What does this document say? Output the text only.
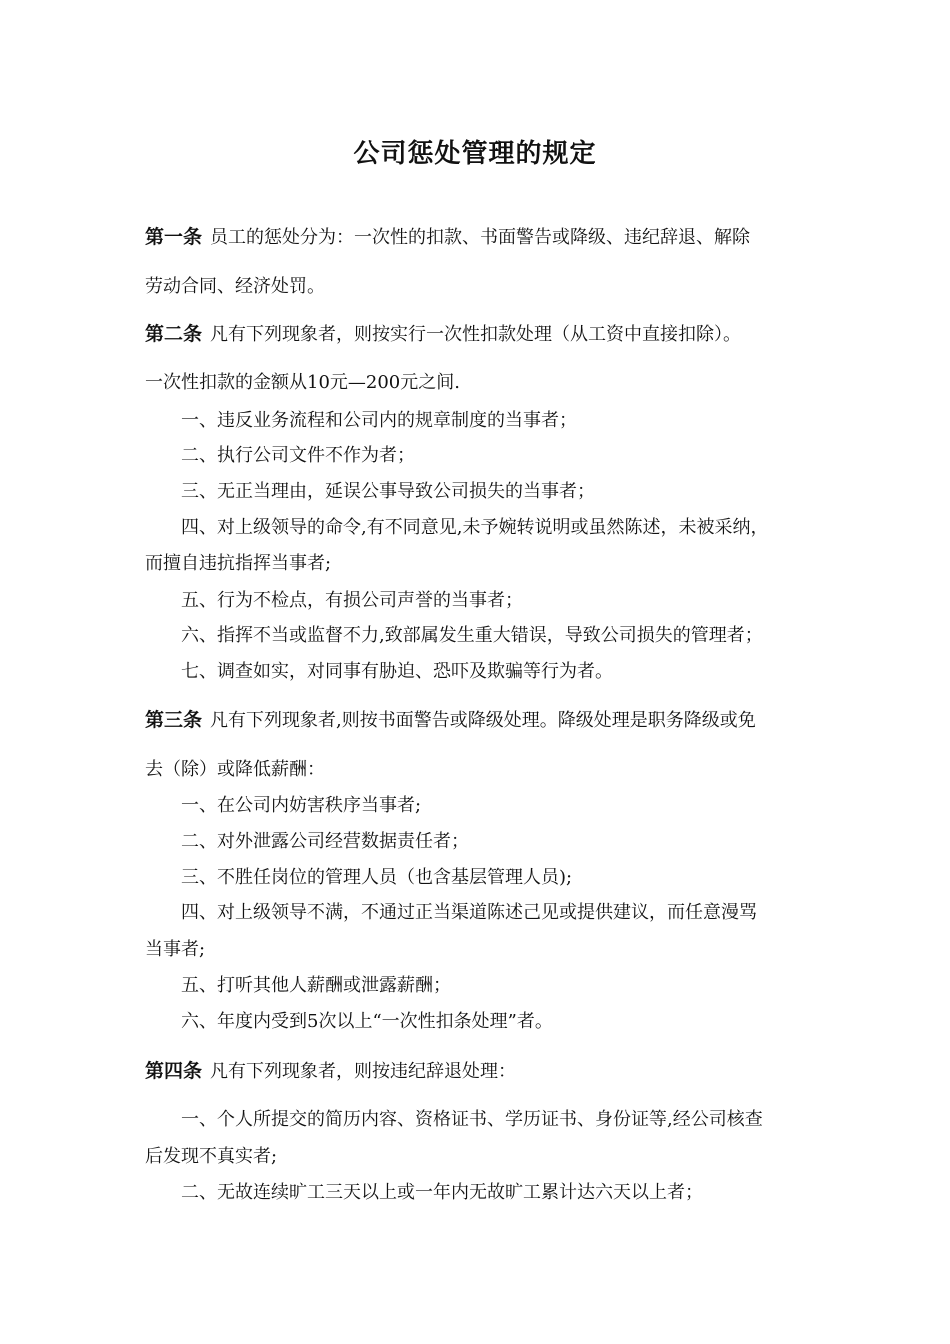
公司惩处管理的规定
第一条 员工的惩处分为：一次性的扣款、书面警告或降级、违纪辞退、解除
劳动合同、经济处罚。
第二条 凡有下列现象者，则按实行一次性扣款处理（从工资中直接扣除）。
一次性扣款的金额从10元—200元之间.
一、违反业务流程和公司内的规章制度的当事者；
二、执行公司文件不作为者；
三、无正当理由，延误公事导致公司损失的当事者；
四、对上级领导的命令,有不同意见,未予婉转说明或虽然陈述，未被采纳，
而擅自违抗指挥当事者;
五、行为不检点，有损公司声誉的当事者；
六、指挥不当或监督不力,致部属发生重大错误，导致公司损失的管理者；
七、调查如实，对同事有胁迫、恐吓及欺骗等行为者。
第三条 凡有下列现象者,则按书面警告或降级处理。降级处理是职务降级或免
去（除）或降低薪酬：
一、在公司内妨害秩序当事者;
二、对外泄露公司经营数据责任者；
三、不胜任岗位的管理人员（也含基层管理人员);
四、对上级领导不满，不通过正当渠道陈述己见或提供建议，而任意漫骂
当事者;
五、打听其他人薪酬或泄露薪酬；
六、年度内受到5次以上“一次性扣条处理”者。
第四条 凡有下列现象者，则按违纪辞退处理：
一、个人所提交的简历内容、资格证书、学历证书、身份证等,经公司核查
后发现不真实者;
二、无故连续旷工三天以上或一年内无故旷工累计达六天以上者；
